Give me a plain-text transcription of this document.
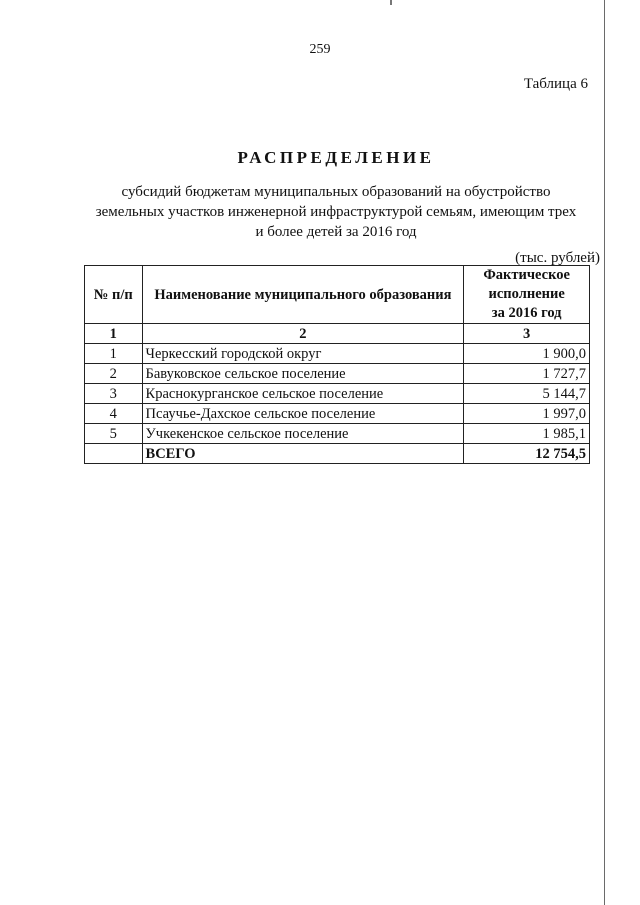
259
Таблица 6
РАСПРЕДЕЛЕНИЕ
субсидий бюджетам муниципальных образований на обустройство
земельных участков инженерной инфраструктурой семьям, имеющим трех
и более детей за 2016 год
(тыс. рублей)
№ п/п	Наименование муниципального образования	Фактическое
исполнение
за 2016 год

1	2	3
1	Черкесский городской округ	1 900,0
2	Бавуковское сельское поселение	1 727,7
3	Краснокурганское сельское поселение	5 144,7
4	Псаучье-Дахское сельское поселение	1 997,0
5	Учкекенское сельское поселение	1 985,1
	ВСЕГО	12 754,5
